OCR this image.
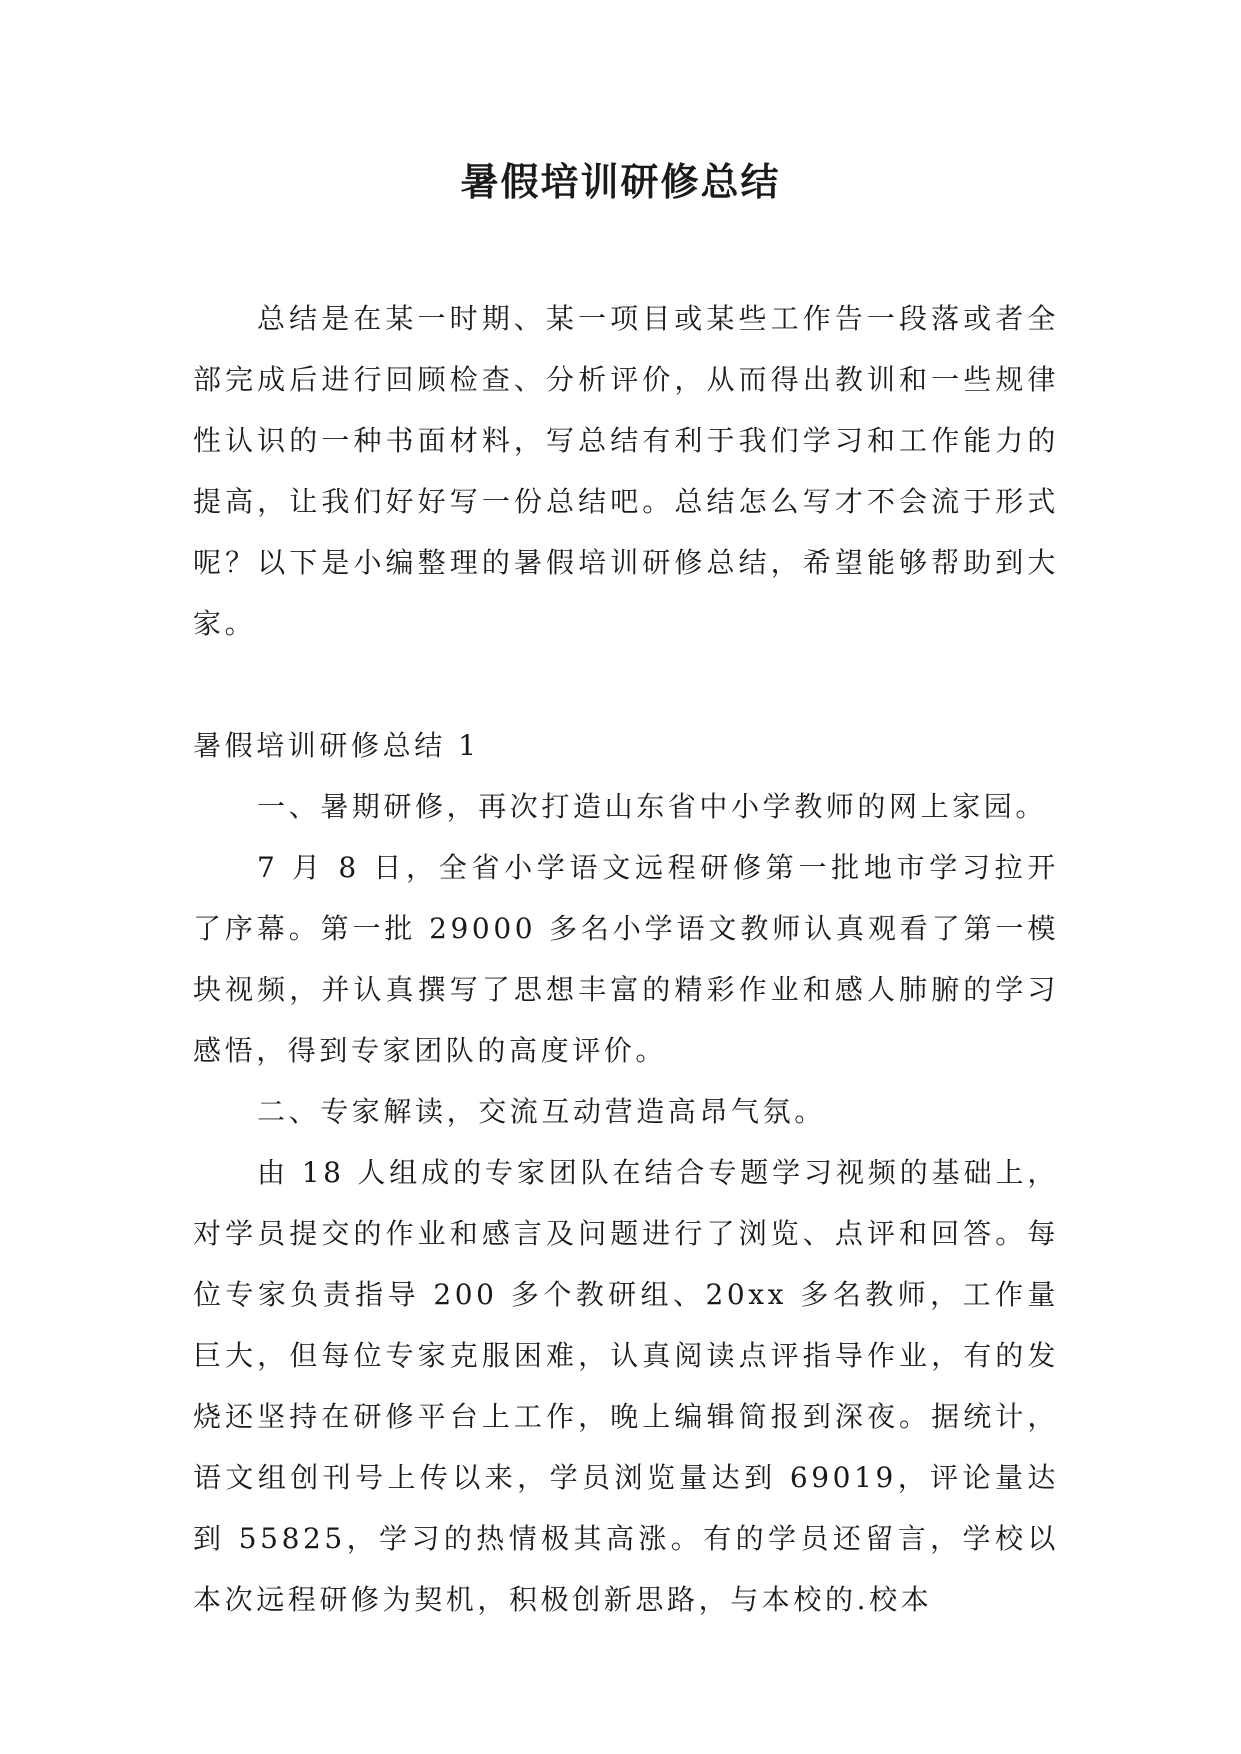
暑假培训研修总结

总结是在某一时期、某一项目或某些工作告一段落或者全部完成后进行回顾检查、分析评价，从而得出教训和一些规律性认识的一种书面材料，写总结有利于我们学习和工作能力的提高，让我们好好写一份总结吧。总结怎么写才不会流于形式呢？以下是小编整理的暑假培训研修总结，希望能够帮助到大家。

暑假培训研修总结 1

一、暑期研修，再次打造山东省中小学教师的网上家园。

7 月 8 日，全省小学语文远程研修第一批地市学习拉开了序幕。第一批 29000 多名小学语文教师认真观看了第一模块视频，并认真撰写了思想丰富的精彩作业和感人肺腑的学习感悟，得到专家团队的高度评价。

二、专家解读，交流互动营造高昂气氛。

由 18 人组成的专家团队在结合专题学习视频的基础上，对学员提交的作业和感言及问题进行了浏览、点评和回答。每位专家负责指导 200 多个教研组、20xx 多名教师，工作量巨大，但每位专家克服困难，认真阅读点评指导作业，有的发烧还坚持在研修平台上工作，晚上编辑简报到深夜。据统计，语文组创刊号上传以来，学员浏览量达到 69019，评论量达到 55825，学习的热情极其高涨。有的学员还留言，学校以本次远程研修为契机，积极创新思路，与本校的.校本
